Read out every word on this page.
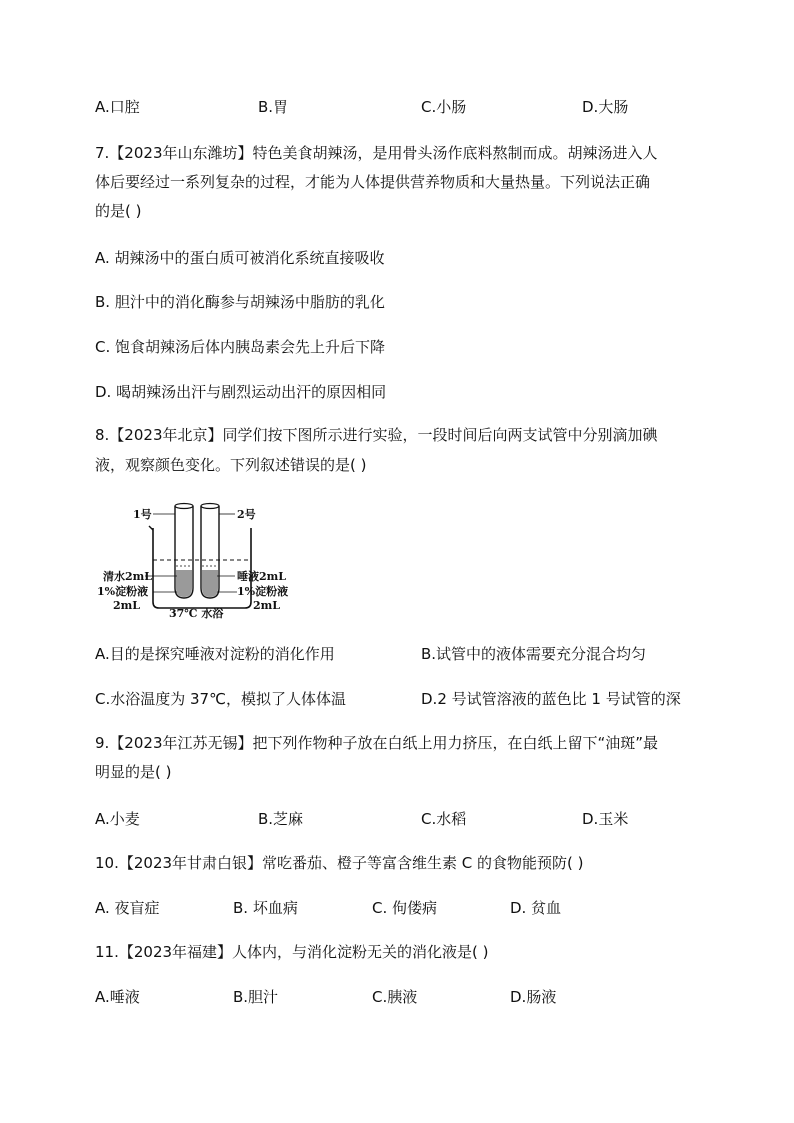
A.口腔	B.胃	C.小肠	D.大肠
7.【2023年山东潍坊】特色美食胡辣汤，是用骨头汤作底料熬制而成。胡辣汤进入人
体后要经过一系列复杂的过程，才能为人体提供营养物质和大量热量。下列说法正确
的是( )
A. 胡辣汤中的蛋白质可被消化系统直接吸收
B. 胆汁中的消化酶参与胡辣汤中脂肪的乳化
C. 饱食胡辣汤后体内胰岛素会先上升后下降
D. 喝胡辣汤出汗与剧烈运动出汗的原因相同
8.【2023年北京】同学们按下图所示进行实验，一段时间后向两支试管中分别滴加碘
液，观察颜色变化。下列叙述错误的是( )
1号	2号
清水2mL
1%淀粉液
2mL
唾液2mL
1%淀粉液
2mL
37℃ 水浴
A.目的是探究唾液对淀粉的消化作用	B.试管中的液体需要充分混合均匀
C.水浴温度为 37℃，模拟了人体体温	D.2 号试管溶液的蓝色比 1 号试管的深
9.【2023年江苏无锡】把下列作物种子放在白纸上用力挤压，在白纸上留下“油斑”最
明显的是( )
A.小麦	B.芝麻	C.水稻	D.玉米
10.【2023年甘肃白银】常吃番茄、橙子等富含维生素 C 的食物能预防( )
A. 夜盲症	B. 坏血病	C. 佝偻病	D. 贫血
11.【2023年福建】人体内，与消化淀粉无关的消化液是( )
A.唾液	B.胆汁	C.胰液	D.肠液
